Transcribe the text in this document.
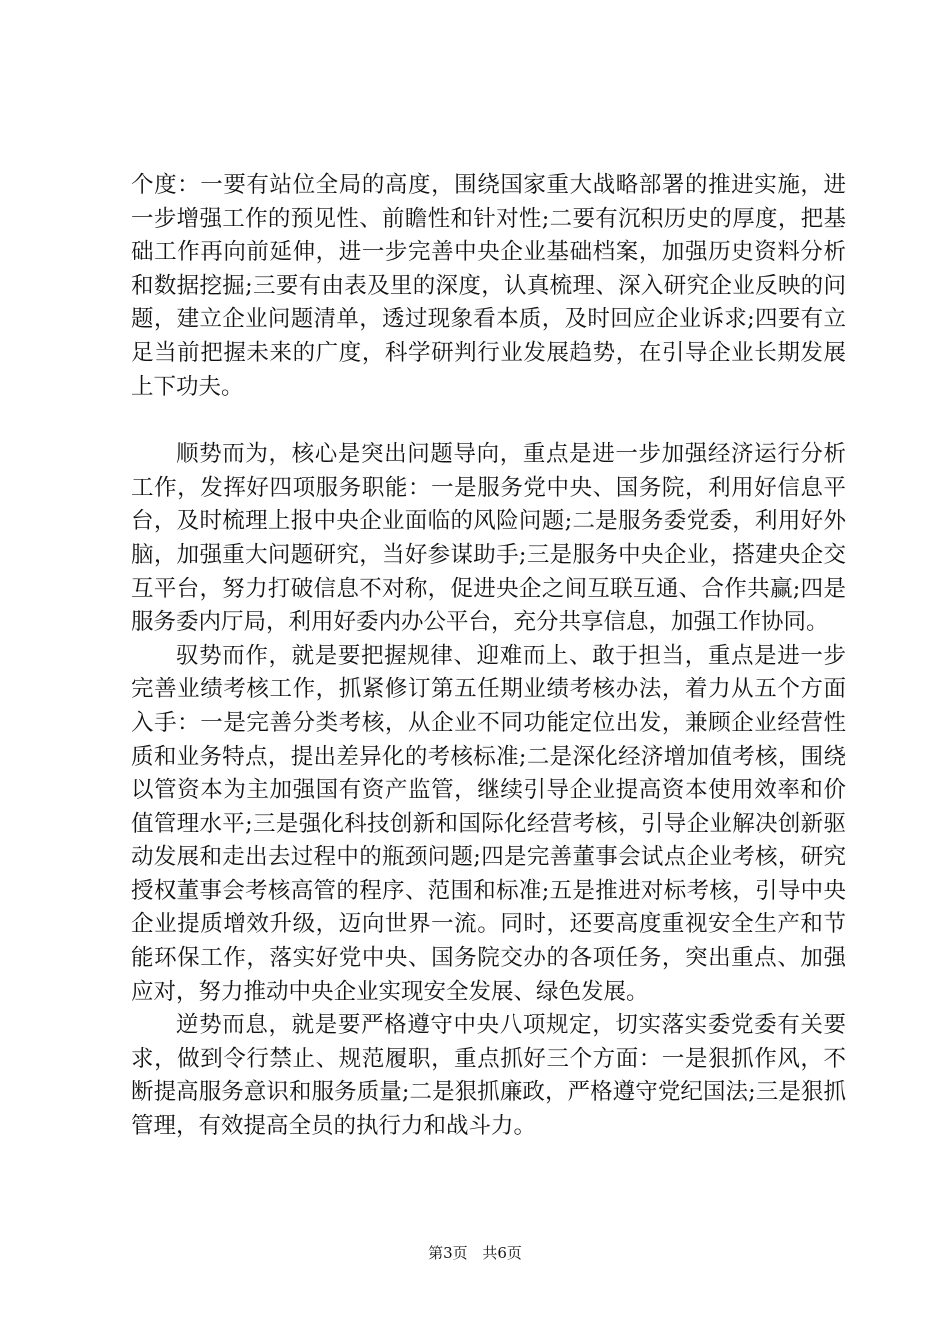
个度：一要有站位全局的高度，围绕国家重大战略部署的推进实施，进一步增强工作的预见性、前瞻性和针对性;二要有沉积历史的厚度，把基础工作再向前延伸，进一步完善中央企业基础档案，加强历史资料分析和数据挖掘;三要有由表及里的深度，认真梳理、深入研究企业反映的问题，建立企业问题清单，透过现象看本质，及时回应企业诉求;四要有立足当前把握未来的广度，科学研判行业发展趋势，在引导企业长期发展上下功夫。

顺势而为，核心是突出问题导向，重点是进一步加强经济运行分析工作，发挥好四项服务职能：一是服务党中央、国务院，利用好信息平台，及时梳理上报中央企业面临的风险问题;二是服务委党委，利用好外脑，加强重大问题研究，当好参谋助手;三是服务中央企业，搭建央企交互平台，努力打破信息不对称，促进央企之间互联互通、合作共赢;四是服务委内厅局，利用好委内办公平台，充分共享信息，加强工作协同。

驭势而作，就是要把握规律、迎难而上、敢于担当，重点是进一步完善业绩考核工作，抓紧修订第五任期业绩考核办法，着力从五个方面入手：一是完善分类考核，从企业不同功能定位出发，兼顾企业经营性质和业务特点，提出差异化的考核标准;二是深化经济增加值考核，围绕以管资本为主加强国有资产监管，继续引导企业提高资本使用效率和价值管理水平;三是强化科技创新和国际化经营考核，引导企业解决创新驱动发展和走出去过程中的瓶颈问题;四是完善董事会试点企业考核，研究授权董事会考核高管的程序、范围和标准;五是推进对标考核，引导中央企业提质增效升级，迈向世界一流。同时，还要高度重视安全生产和节能环保工作，落实好党中央、国务院交办的各项任务，突出重点、加强应对，努力推动中央企业实现安全发展、绿色发展。

逆势而息，就是要严格遵守中央八项规定，切实落实委党委有关要求，做到令行禁止、规范履职，重点抓好三个方面：一是狠抓作风，不断提高服务意识和服务质量;二是狠抓廉政，严格遵守党纪国法;三是狠抓管理，有效提高全员的执行力和战斗力。

第3页 共6页
